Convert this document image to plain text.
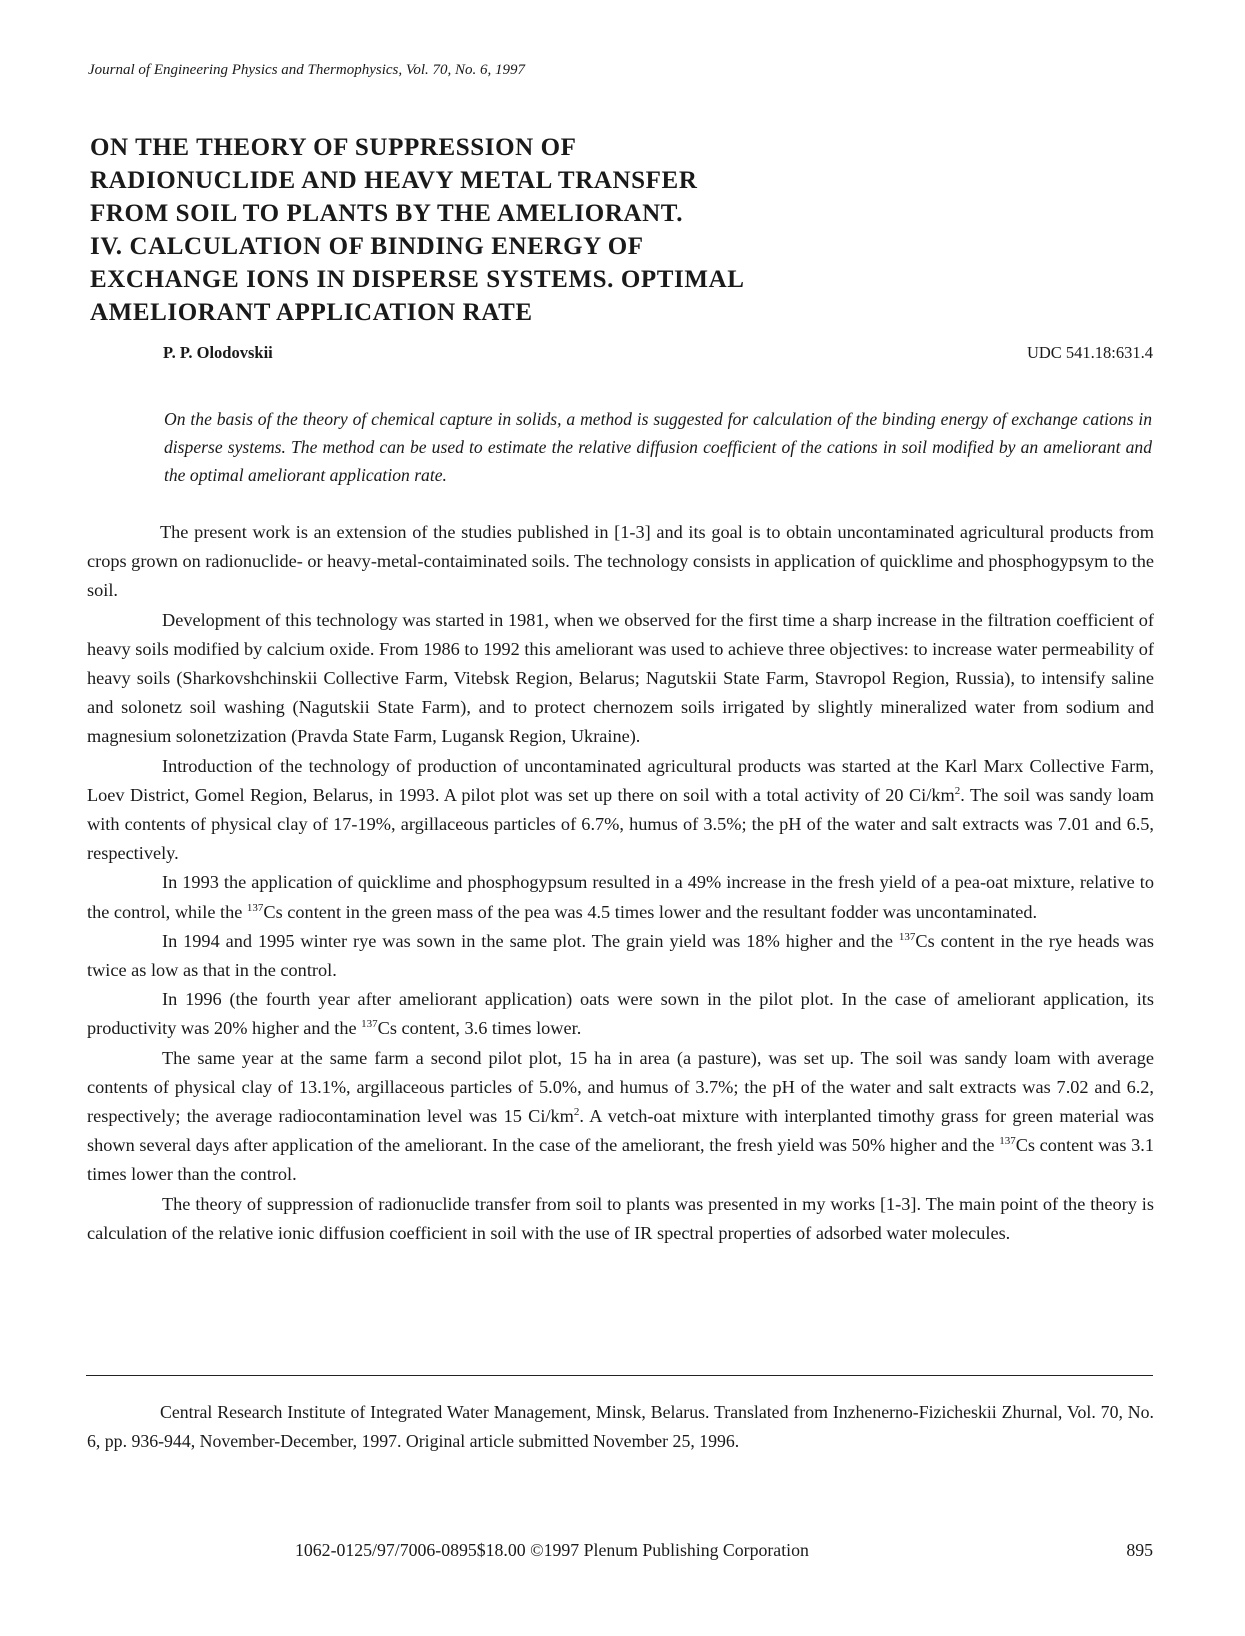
Journal of Engineering Physics and Thermophysics, Vol. 70, No. 6, 1997
ON THE THEORY OF SUPPRESSION OF
RADIONUCLIDE AND HEAVY METAL TRANSFER
FROM SOIL TO PLANTS BY THE AMELIORANT.
IV. CALCULATION OF BINDING ENERGY OF
EXCHANGE IONS IN DISPERSE SYSTEMS. OPTIMAL
AMELIORANT APPLICATION RATE
P. P. Olodovskii	UDC 541.18:631.4

On the basis of the theory of chemical capture in solids, a method is suggested for calculation of the binding energy of exchange cations in disperse systems. The method can be used to estimate the relative diffusion coefficient of the cations in soil modified by an ameliorant and the optimal ameliorant application rate.

The present work is an extension of the studies published in [1-3] and its goal is to obtain uncontaminated agricultural products from crops grown on radionuclide- or heavy-metal-contaiminated soils. The technology consists in application of quicklime and phosphogypsym to the soil.

Development of this technology was started in 1981, when we observed for the first time a sharp increase in the filtration coefficient of heavy soils modified by calcium oxide. From 1986 to 1992 this ameliorant was used to achieve three objectives: to increase water permeability of heavy soils (Sharkovshchinskii Collective Farm, Vitebsk Region, Belarus; Nagutskii State Farm, Stavropol Region, Russia), to intensify saline and solonetz soil washing (Nagutskii State Farm), and to protect chernozem soils irrigated by slightly mineralized water from sodium and magnesium solonetzization (Pravda State Farm, Lugansk Region, Ukraine).

Introduction of the technology of production of uncontaminated agricultural products was started at the Karl Marx Collective Farm, Loev District, Gomel Region, Belarus, in 1993. A pilot plot was set up there on soil with a total activity of 20 $Ci/km^2$. The soil was sandy loam with contents of physical clay of 17-19%, argillaceous particles of 6.7%, humus of 3.5%; the pH of the water and salt extracts was 7.01 and 6.5, respectively.

In 1993 the application of quicklime and phosphogypsum resulted in a 49% increase in the fresh yield of a pea-oat mixture, relative to the control, while the $^{137}$Cs content in the green mass of the pea was 4.5 times lower and the resultant fodder was uncontaminated.

In 1994 and 1995 winter rye was sown in the same plot. The grain yield was 18% higher and the $^{137}$Cs content in the rye heads was twice as low as that in the control.

In 1996 (the fourth year after ameliorant application) oats were sown in the pilot plot. In the case of ameliorant application, its productivity was 20% higher and the $^{137}$Cs content, 3.6 times lower.

The same year at the same farm a second pilot plot, 15 ha in area (a pasture), was set up. The soil was sandy loam with average contents of physical clay of 13.1%, argillaceous particles of 5.0%, and humus of 3.7%; the pH of the water and salt extracts was 7.02 and 6.2, respectively; the average radiocontamination level was 15 $Ci/km^2$. A vetch-oat mixture with interplanted timothy grass for green material was shown several days after application of the ameliorant. In the case of the ameliorant, the fresh yield was 50% higher and the $^{137}$Cs content was 3.1 times lower than the control.

The theory of suppression of radionuclide transfer from soil to plants was presented in my works [1-3]. The main point of the theory is calculation of the relative ionic diffusion coefficient in soil with the use of IR spectral properties of adsorbed water molecules.

Central Research Institute of Integrated Water Management, Minsk, Belarus. Translated from Inzhenerno-Fizicheskii Zhurnal, Vol. 70, No. 6, pp. 936-944, November-December, 1997. Original article submitted November 25, 1996.

1062-0125/97/7006-0895$18.00 ©1997 Plenum Publishing Corporation	895
